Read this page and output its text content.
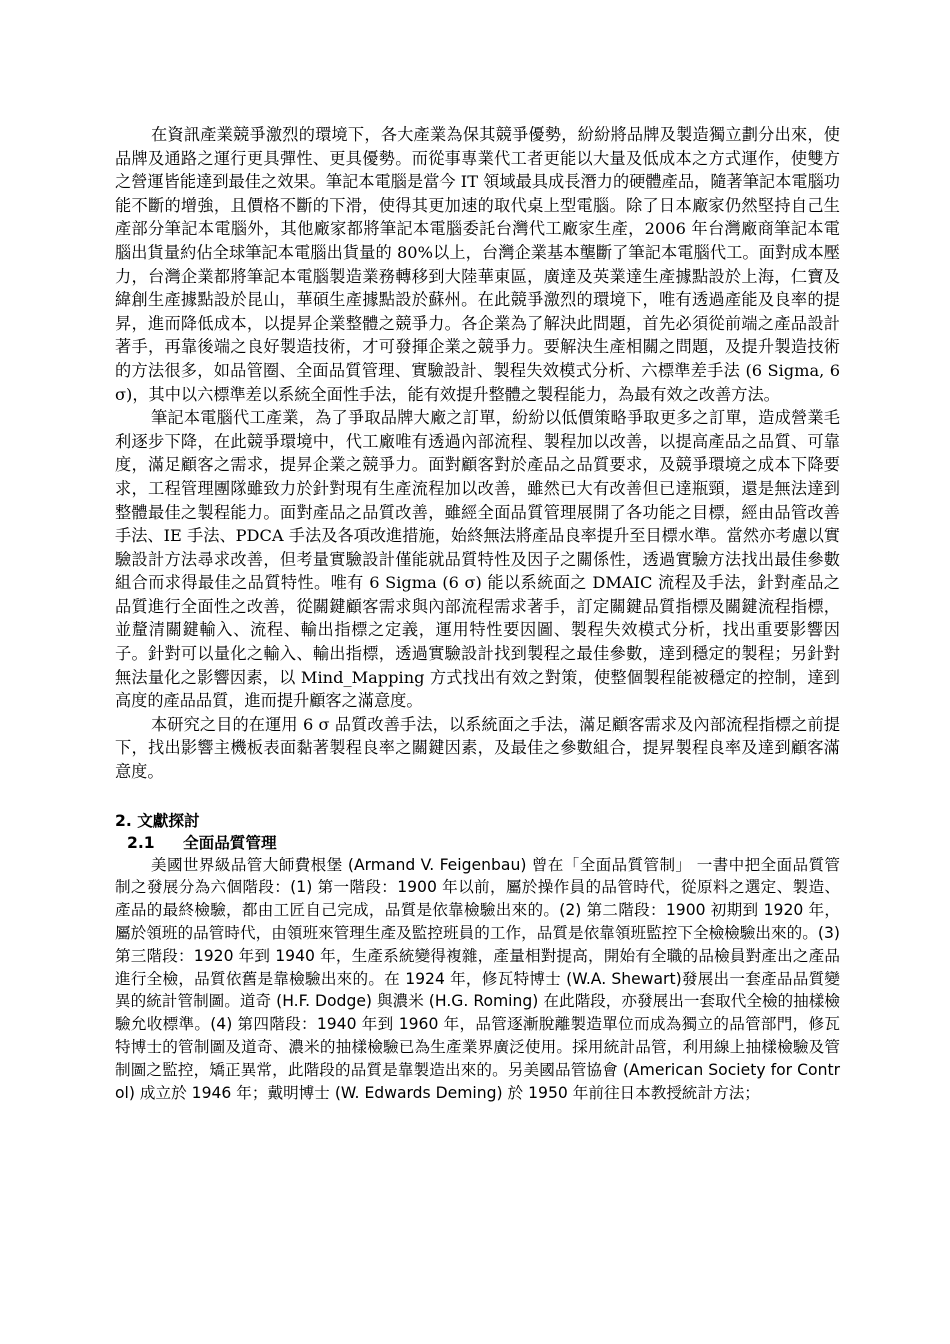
在資訊產業競爭激烈的環境下，各大產業為保其競爭優勢，紛紛將品牌及製造獨立劃分出來，使品牌及通路之運行更具彈性、更具優勢。而從事專業代工者更能以大量及低成本之方式運作，使雙方之營運皆能達到最佳之效果。筆記本電腦是當今 IT 領域最具成長潛力的硬體產品，隨著筆記本電腦功能不斷的增強，且價格不斷的下滑，使得其更加速的取代桌上型電腦。除了日本廠家仍然堅持自己生產部分筆記本電腦外，其他廠家都將筆記本電腦委託台灣代工廠家生產，2006 年台灣廠商筆記本電腦出貨量約佔全球筆記本電腦出貨量的 80%以上，台灣企業基本壟斷了筆記本電腦代工。面對成本壓力，台灣企業都將筆記本電腦製造業務轉移到大陸華東區，廣達及英業達生產據點設於上海，仁寶及緯創生產據點設於昆山，華碩生產據點設於蘇州。在此競爭激烈的環境下，唯有透過產能及良率的提昇，進而降低成本，以提昇企業整體之競爭力。各企業為了解決此問題，首先必須從前端之產品設計著手，再靠後端之良好製造技術，才可發揮企業之競爭力。要解決生產相關之問題，及提升製造技術的方法很多，如品管圈、全面品質管理、實驗設計、製程失效模式分析、六標準差手法 (6 Sigma, 6 σ)，其中以六標準差以系統全面性手法，能有效提升整體之製程能力，為最有效之改善方法。

筆記本電腦代工產業，為了爭取品牌大廠之訂單，紛紛以低價策略爭取更多之訂單，造成營業毛利逐步下降，在此競爭環境中，代工廠唯有透過內部流程、製程加以改善，以提高產品之品質、可靠度，滿足顧客之需求，提昇企業之競爭力。面對顧客對於產品之品質要求，及競爭環境之成本下降要求，工程管理團隊雖致力於針對現有生產流程加以改善，雖然已大有改善但已達瓶頸，還是無法達到整體最佳之製程能力。面對產品之品質改善，雖經全面品質管理展開了各功能之目標，經由品管改善手法、IE 手法、PDCA 手法及各項改進措施，始終無法將產品良率提升至目標水準。當然亦考慮以實驗設計方法尋求改善，但考量實驗設計僅能就品質特性及因子之關係性，透過實驗方法找出最佳參數組合而求得最佳之品質特性。唯有 6 Sigma (6 σ) 能以系統面之 DMAIC 流程及手法，針對產品之品質進行全面性之改善，從關鍵顧客需求與內部流程需求著手，訂定關鍵品質指標及關鍵流程指標，並釐清關鍵輸入、流程、輸出指標之定義，運用特性要因圖、製程失效模式分析，找出重要影響因子。針對可以量化之輸入、輸出指標，透過實驗設計找到製程之最佳參數，達到穩定的製程；另針對無法量化之影響因素，以 Mind_Mapping 方式找出有效之對策，使整個製程能被穩定的控制，達到高度的產品品質，進而提升顧客之滿意度。

本研究之目的在運用 6 σ 品質改善手法，以系統面之手法，滿足顧客需求及內部流程指標之前提下，找出影響主機板表面黏著製程良率之關鍵因素，及最佳之參數組合，提昇製程良率及達到顧客滿意度。

2. 文獻探討
2.1 全面品質管理

美國世界級品管大師費根堡 (Armand V. Feigenbau) 曾在「全面品質管制」 一書中把全面品質管制之發展分為六個階段：(1) 第一階段：1900 年以前，屬於操作員的品管時代，從原料之選定、製造、產品的最終檢驗，都由工匠自己完成，品質是依靠檢驗出來的。(2) 第二階段：1900 初期到 1920 年，屬於領班的品管時代，由領班來管理生產及監控班員的工作，品質是依靠領班監控下全檢檢驗出來的。(3) 第三階段：1920 年到 1940 年，生產系統變得複雜，產量相對提高，開始有全職的品檢員對產出之產品進行全檢，品質依舊是靠檢驗出來的。在 1924 年，修瓦特博士 (W.A. Shewart)發展出一套產品品質變異的統計管制圖。道奇 (H.F. Dodge) 與濃米 (H.G. Roming) 在此階段，亦發展出一套取代全檢的抽樣檢驗允收標準。(4) 第四階段：1940 年到 1960 年，品管逐漸脫離製造單位而成為獨立的品管部門，修瓦特博士的管制圖及道奇、濃米的抽樣檢驗已為生產業界廣泛使用。採用統計品管，利用線上抽樣檢驗及管制圖之監控，矯正異常，此階段的品質是靠製造出來的。另美國品管協會 (American Society for Control) 成立於 1946 年；戴明博士 (W. Edwards Deming) 於 1950 年前往日本教授統計方法；
